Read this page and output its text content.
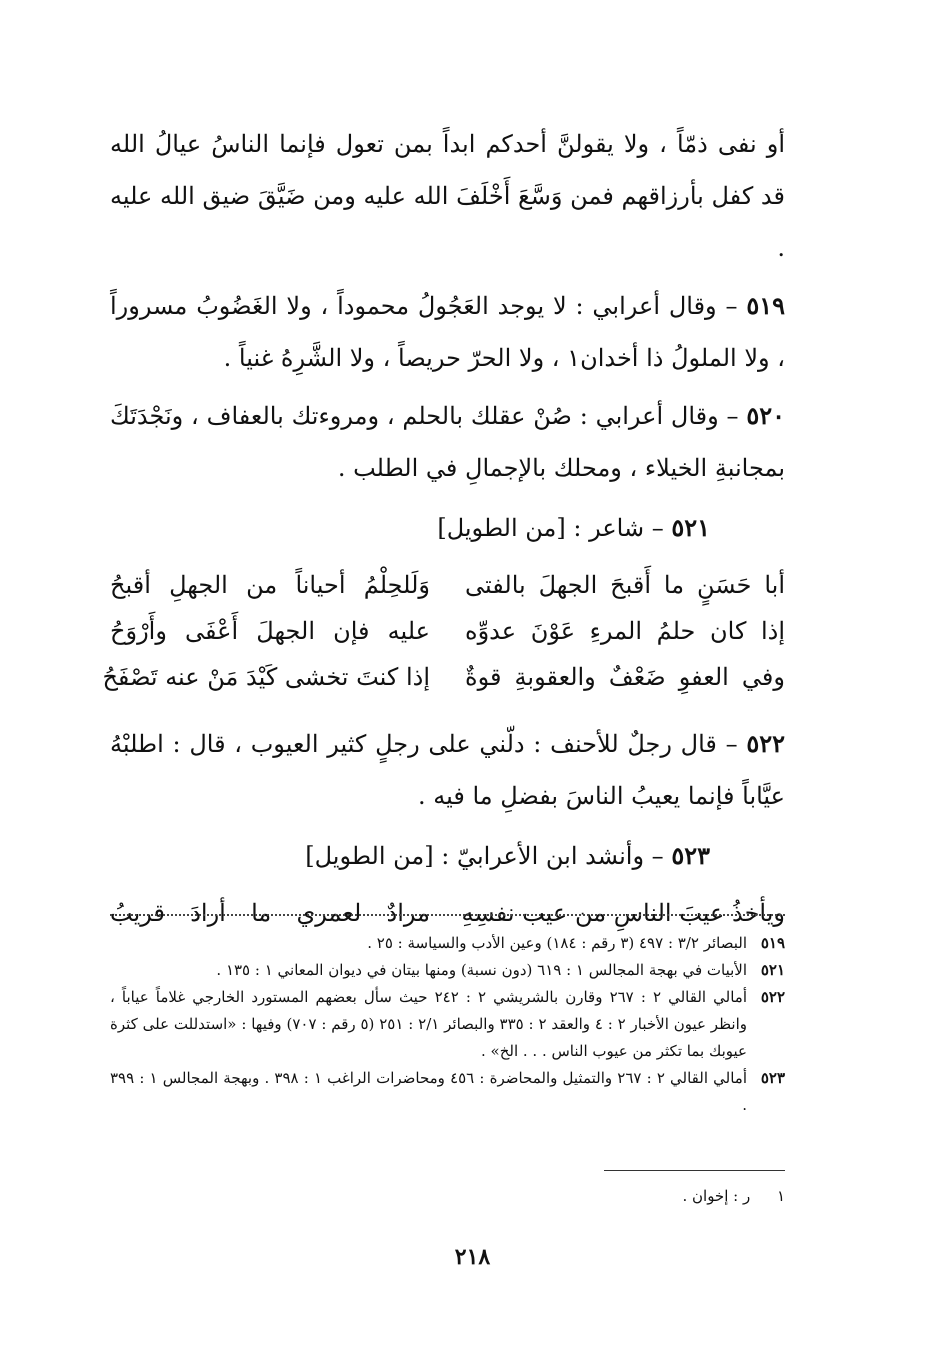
أو نفى ذمّاً ، ولا يقولنَّ أحدكم ابداً بمن تعول فإنما الناسُ عيالُ الله قد كفل بأرزاقهم فمن وَسَّعَ أَخْلَفَ الله عليه ومن ضَيَّقَ ضيق الله عليه .

٥١٩ – وقال أعرابي : لا يوجد العَجُولُ محموداً ، ولا الغَضُوبُ مسروراً ، ولا الملولُ ذا أخدان١ ، ولا الحرّ حريصاً ، ولا الشَّرِهُ غنياً .

٥٢٠ – وقال أعرابي : صُنْ عقلك بالحلم ، ومروءتك بالعفاف ، ونَجْدَتَكَ بمجانبةِ الخيلاء ، ومحلك بالإجمالِ في الطلب .

٥٢١ – شاعر : [من الطويل]

أبا حَسَنٍ ما أَقبحَ الجهلَ بالفتى
وَلَلحِلْمُ أحياناً من الجهلِ أقبحُ
إذا كان حلمُ المرءِ عَوْنَ عدوِّه
عليه فإن الجهلَ أَعْفَى وأَرْوَحُ
وفي العفوِ ضَعْفٌ والعقوبةِ قوةٌ
إذا كنتَ تخشى كَيْدَ مَنْ عنه تَصْفَحُ

٥٢٢ – قال رجلٌ للأحنف : دلّني على رجلٍ كثير العيوب ، قال : اطلبْهُ عيَّاباً فإنما يعيبُ الناسَ بفضلِ ما فيه .

٥٢٣ – وأنشد ابن الأعرابيّ : [من الطويل]

ويأخذُ عيبَ الناسِ من عيب نفسِهِ
مرادٌ لعمري ما أرادَ قريبُ
٥١٩
البصائر ٣/٢ : ٤٩٧ (٣ رقم : ١٨٤) وعين الأدب والسياسة : ٢٥ .
٥٢١
الأبيات في بهجة المجالس ١ : ٦١٩ (دون نسبة) ومنها بيتان في ديوان المعاني ١ : ١٣٥ .
٥٢٢
أمالي القالي ٢ : ٢٦٧ وقارن بالشريشي ٢ : ٢٤٢ حيث سأل بعضهم المستورد الخارجي غلاماً عياباً ، وانظر عيون الأخبار ٢ : ٤ والعقد ٢ : ٣٣٥ والبصائر ٢/١ : ٢٥١ (٥ رقم : ٧٠٧) وفيها : «استدللت على كثرة عيوبك بما تكثر من عيوب الناس . . . الخ» .
٥٢٣
أمالي القالي ٢ : ٢٦٧ والتمثيل والمحاضرة : ٤٥٦ ومحاضرات الراغب ١ : ٣٩٨ . وبهجة المجالس ١ : ٣٩٩ .
١ ر : إخوان .
٢١٨
